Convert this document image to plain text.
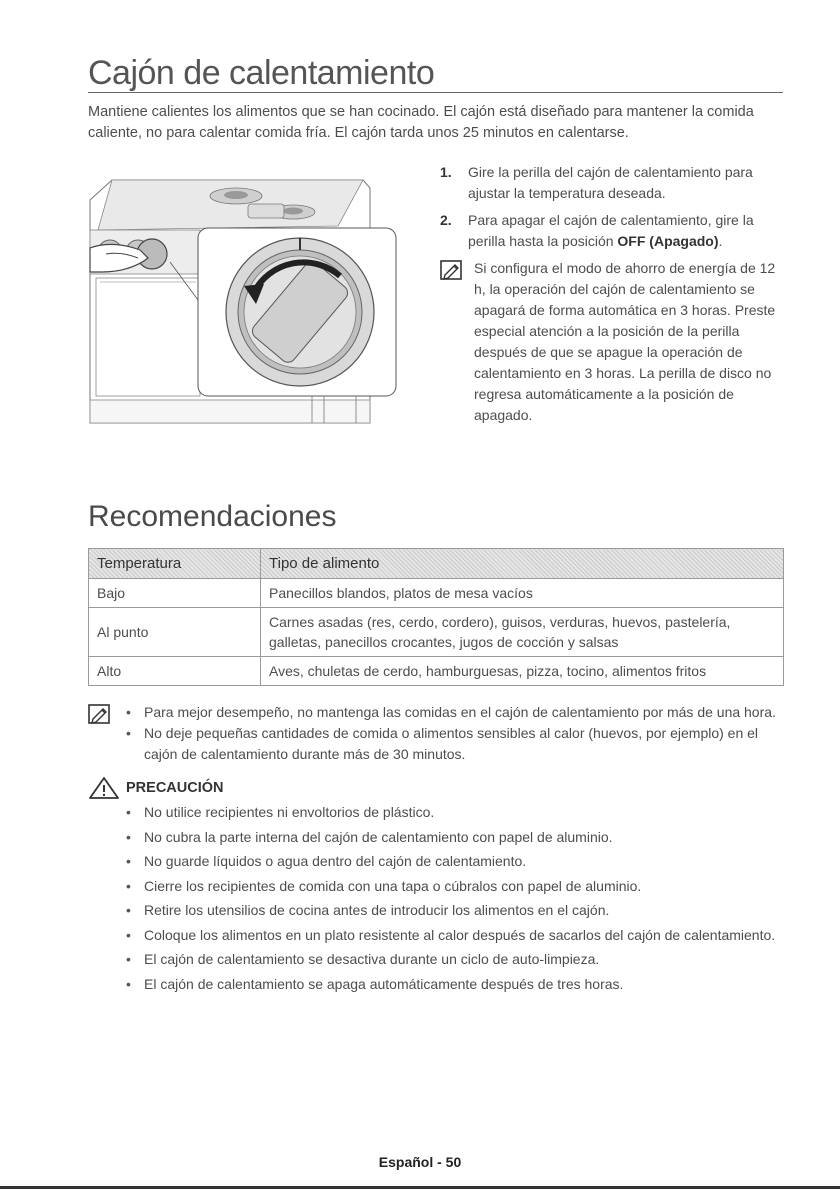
Cajón de calentamiento

Mantiene calientes los alimentos que se han cocinado. El cajón está diseñado para mantener la comida caliente, no para calentar comida fría. El cajón tarda unos 25 minutos en calentarse.

1.	Gire la perilla del cajón de calentamiento para ajustar la temperatura deseada.
2.	Para apagar el cajón de calentamiento, gire la perilla hasta la posición OFF (Apagado).
Si configura el modo de ahorro de energía de 12 h, la operación del cajón de calentamiento se apagará de forma automática en 3 horas. Preste especial atención a la posición de la perilla después de que se apague la operación de calentamiento en 3 horas. La perilla de disco no regresa automáticamente a la posición de apagado.
Recomendaciones
Temperatura	Tipo de alimento
Bajo	Panecillos blandos, platos de mesa vacíos
Al punto	Carnes asadas (res, cerdo, cordero), guisos, verduras, huevos, pastelería, galletas, panecillos crocantes, jugos de cocción y salsas
Alto	Aves, chuletas de cerdo, hamburguesas, pizza, tocino, alimentos fritos
• Para mejor desempeño, no mantenga las comidas en el cajón de calentamiento por más de una hora.
• No deje pequeñas cantidades de comida o alimentos sensibles al calor (huevos, por ejemplo) en el cajón de calentamiento durante más de 30 minutos.
PRECAUCIÓN
• No utilice recipientes ni envoltorios de plástico.
• No cubra la parte interna del cajón de calentamiento con papel de aluminio.
• No guarde líquidos o agua dentro del cajón de calentamiento.
• Cierre los recipientes de comida con una tapa o cúbralos con papel de aluminio.
• Retire los utensilios de cocina antes de introducir los alimentos en el cajón.
• Coloque los alimentos en un plato resistente al calor después de sacarlos del cajón de calentamiento.
• El cajón de calentamiento se desactiva durante un ciclo de auto-limpieza.
• El cajón de calentamiento se apaga automáticamente después de tres horas.
Español - 50
